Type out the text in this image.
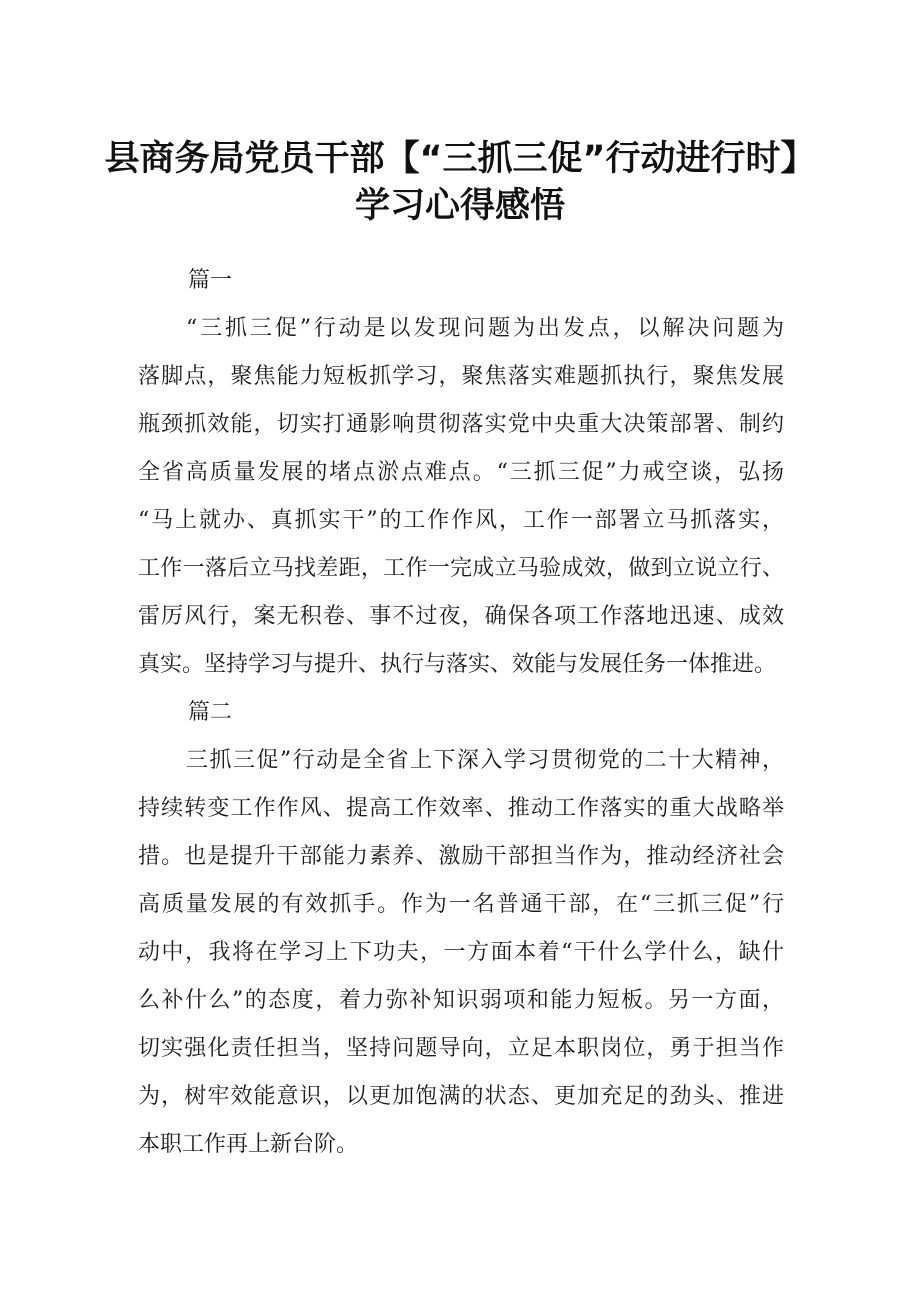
县商务局党员干部【“三抓三促”行动进行时】
学习心得感悟
篇一
“三抓三促”行动是以发现问题为出发点，以解决问题为
落脚点，聚焦能力短板抓学习，聚焦落实难题抓执行，聚焦发展
瓶颈抓效能，切实打通影响贯彻落实党中央重大决策部署、制约
全省高质量发展的堵点淤点难点。“三抓三促”力戒空谈，弘扬
“马上就办、真抓实干”的工作作风，工作一部署立马抓落实，
工作一落后立马找差距，工作一完成立马验成效，做到立说立行、
雷厉风行，案无积卷、事不过夜，确保各项工作落地迅速、成效
真实。坚持学习与提升、执行与落实、效能与发展任务一体推进。
篇二
三抓三促”行动是全省上下深入学习贯彻党的二十大精神，
持续转变工作作风、提高工作效率、推动工作落实的重大战略举
措。也是提升干部能力素养、激励干部担当作为，推动经济社会
高质量发展的有效抓手。作为一名普通干部，在“三抓三促”行
动中，我将在学习上下功夫，一方面本着“干什么学什么，缺什
么补什么”的态度，着力弥补知识弱项和能力短板。另一方面，
切实强化责任担当，坚持问题导向，立足本职岗位，勇于担当作
为，树牢效能意识，以更加饱满的状态、更加充足的劲头、推进
本职工作再上新台阶。
